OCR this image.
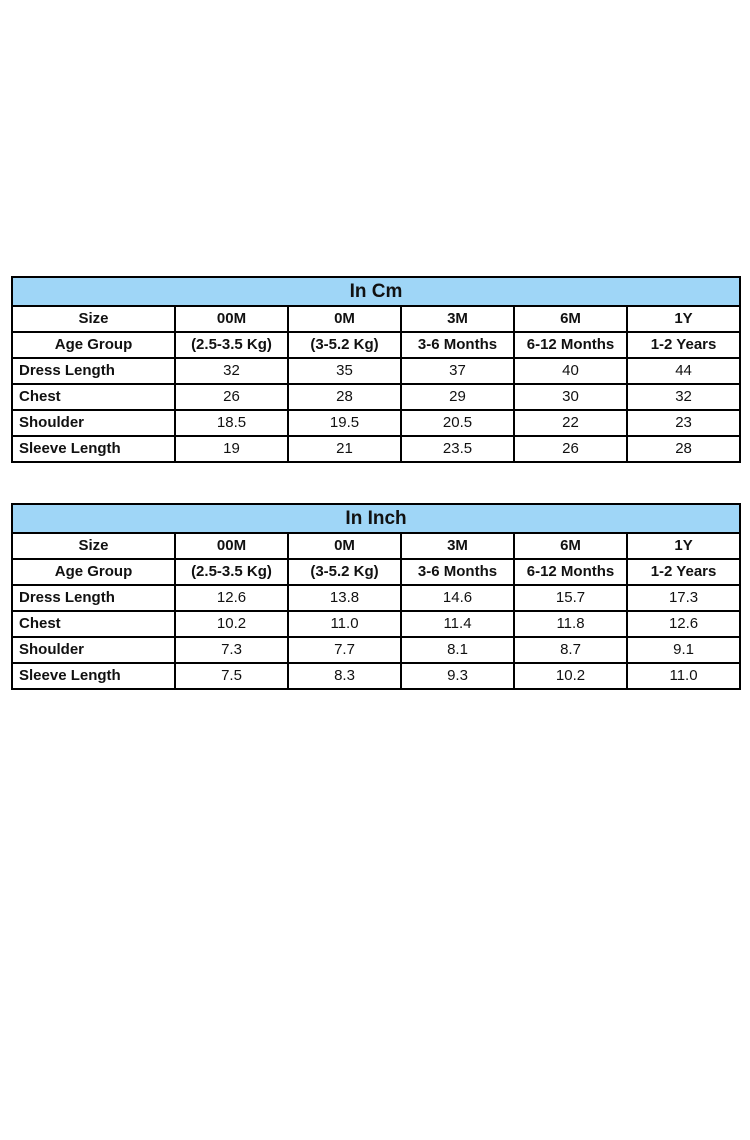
In Cm					
Size	00M	0M	3M	6M	1Y
Age Group	(2.5-3.5 Kg)	(3-5.2 Kg)	3-6 Months	6-12 Months	1-2 Years
Dress Length	32	35	37	40	44
Chest	26	28	29	30	32
Shoulder	18.5	19.5	20.5	22	23
Sleeve Length	19	21	23.5	26	28
In Inch					
Size	00M	0M	3M	6M	1Y
Age Group	(2.5-3.5 Kg)	(3-5.2 Kg)	3-6 Months	6-12 Months	1-2 Years
Dress Length	12.6	13.8	14.6	15.7	17.3
Chest	10.2	11.0	11.4	11.8	12.6
Shoulder	7.3	7.7	8.1	8.7	9.1
Sleeve Length	7.5	8.3	9.3	10.2	11.0
